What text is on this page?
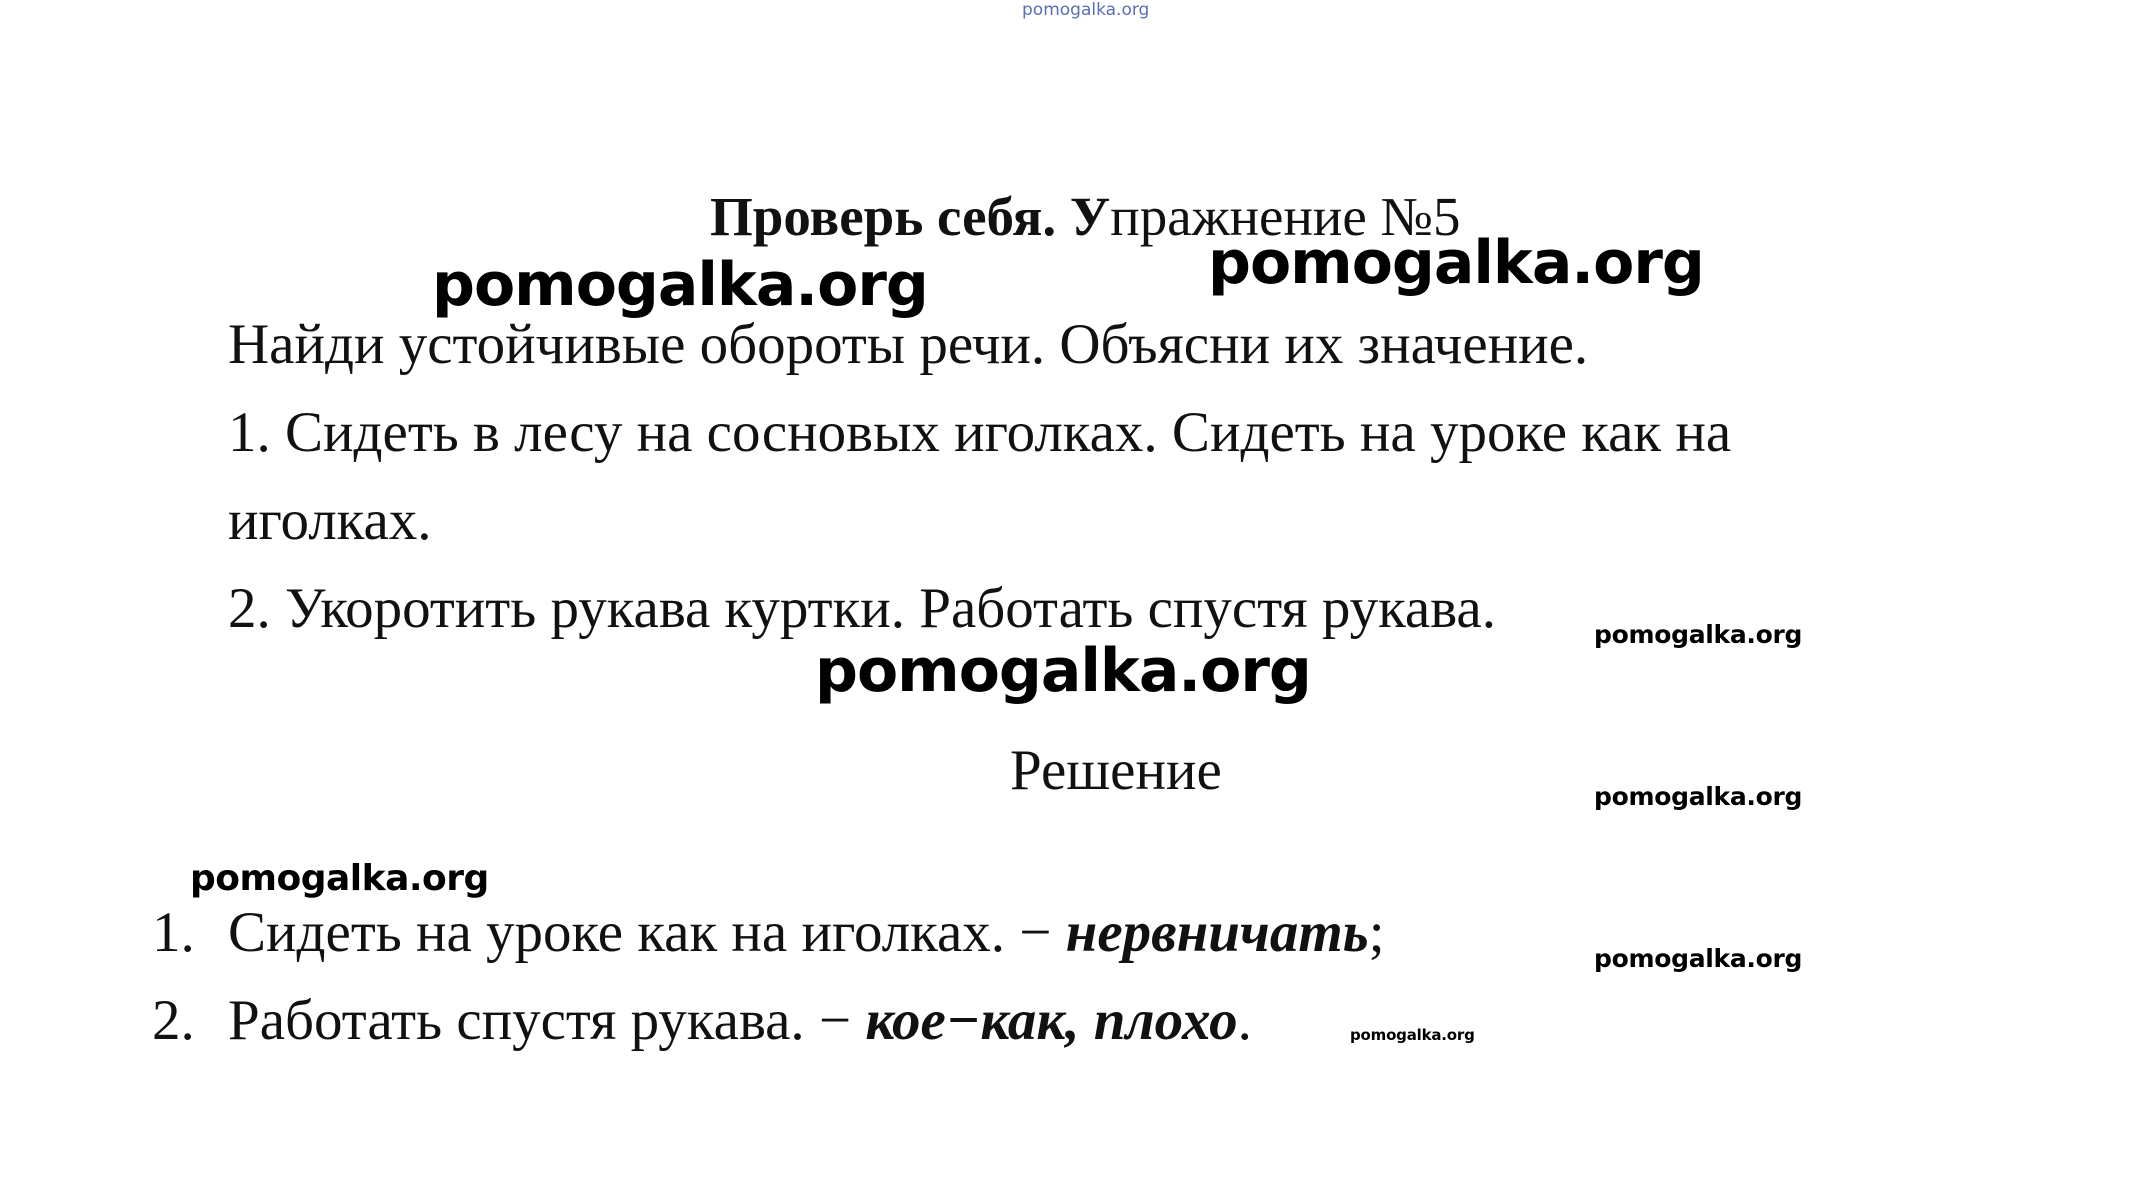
pomogalka.org
Проверь себя. Упражнение №5
pomogalka.org	pomogalka.org
Найди устойчивые обороты речи. Объясни их значение.
1. Сидеть в лесу на сосновых иголках. Сидеть на уроке как на
иголках.
2. Укоротить рукава куртки. Работать спустя рукава.	pomogalka.org
pomogalka.org
pomogalka.org
pomogalka.org
Решение
pomogalka.org
1. Сидеть на уроке как на иголках. − нервничать;
2. Работать спустя рукава. − кое−как, плохо.	pomogalka.org
